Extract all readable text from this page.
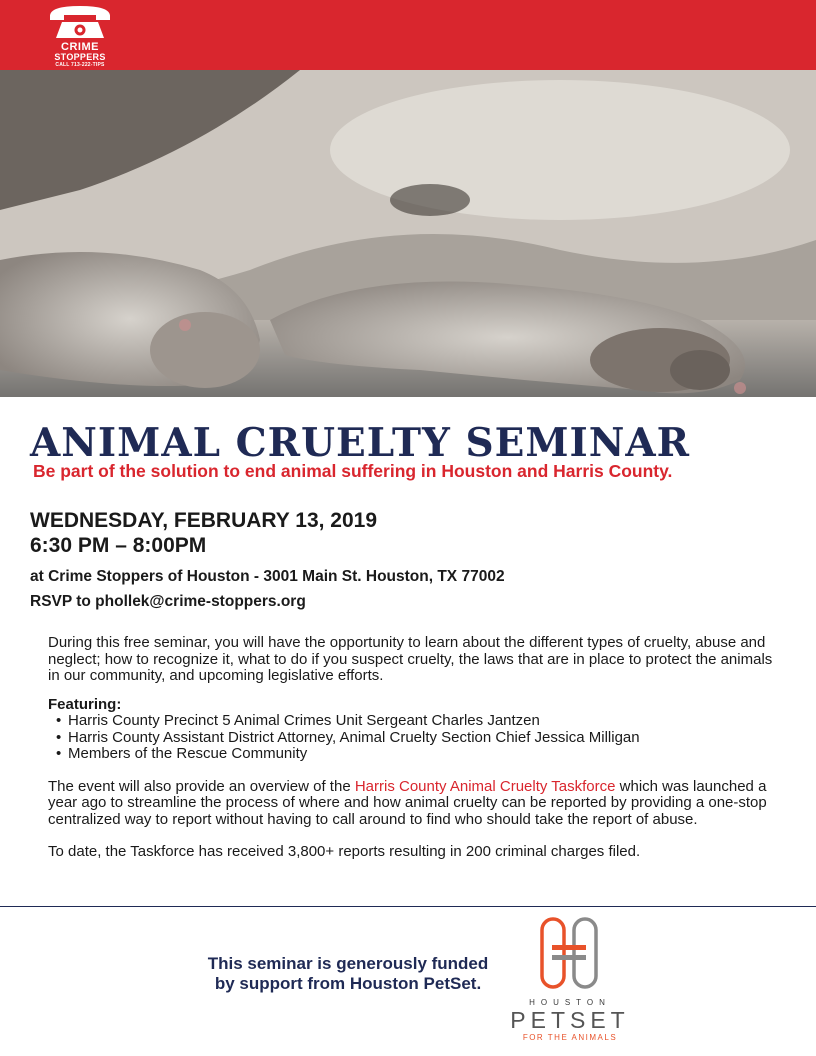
CRIME
STOPPERS
CALL 713-222-TIPS
ANIMAL CRUELTY SEMINAR
Be part of the solution to end animal suffering in Houston and Harris County.
WEDNESDAY, FEBRUARY 13, 2019
6:30 PM – 8:00PM
at Crime Stoppers of Houston - 3001 Main St. Houston, TX 77002
RSVP to phollek@crime-stoppers.org

During this free seminar, you will have the opportunity to learn about the different types of cruelty, abuse and neglect; how to recognize it, what to do if you suspect cruelty, the laws that are in place to protect the animals in our community, and upcoming legislative efforts.

Featuring:

• Harris County Precinct 5 Animal Crimes Unit Sergeant Charles Jantzen
• Harris County Assistant District Attorney, Animal Cruelty Section Chief Jessica Milligan
• Members of the Rescue Community

The event will also provide an overview of the Harris County Animal Cruelty Taskforce which was launched a year ago to streamline the process of where and how animal cruelty can be reported by providing a one-stop centralized way to report without having to call around to find who should take the report of abuse.

To date, the Taskforce has received 3,800+ reports resulting in 200 criminal charges filed.

This seminar is generously funded
by support from Houston PetSet.
HOUSTON
PETSET
FOR THE ANIMALS
